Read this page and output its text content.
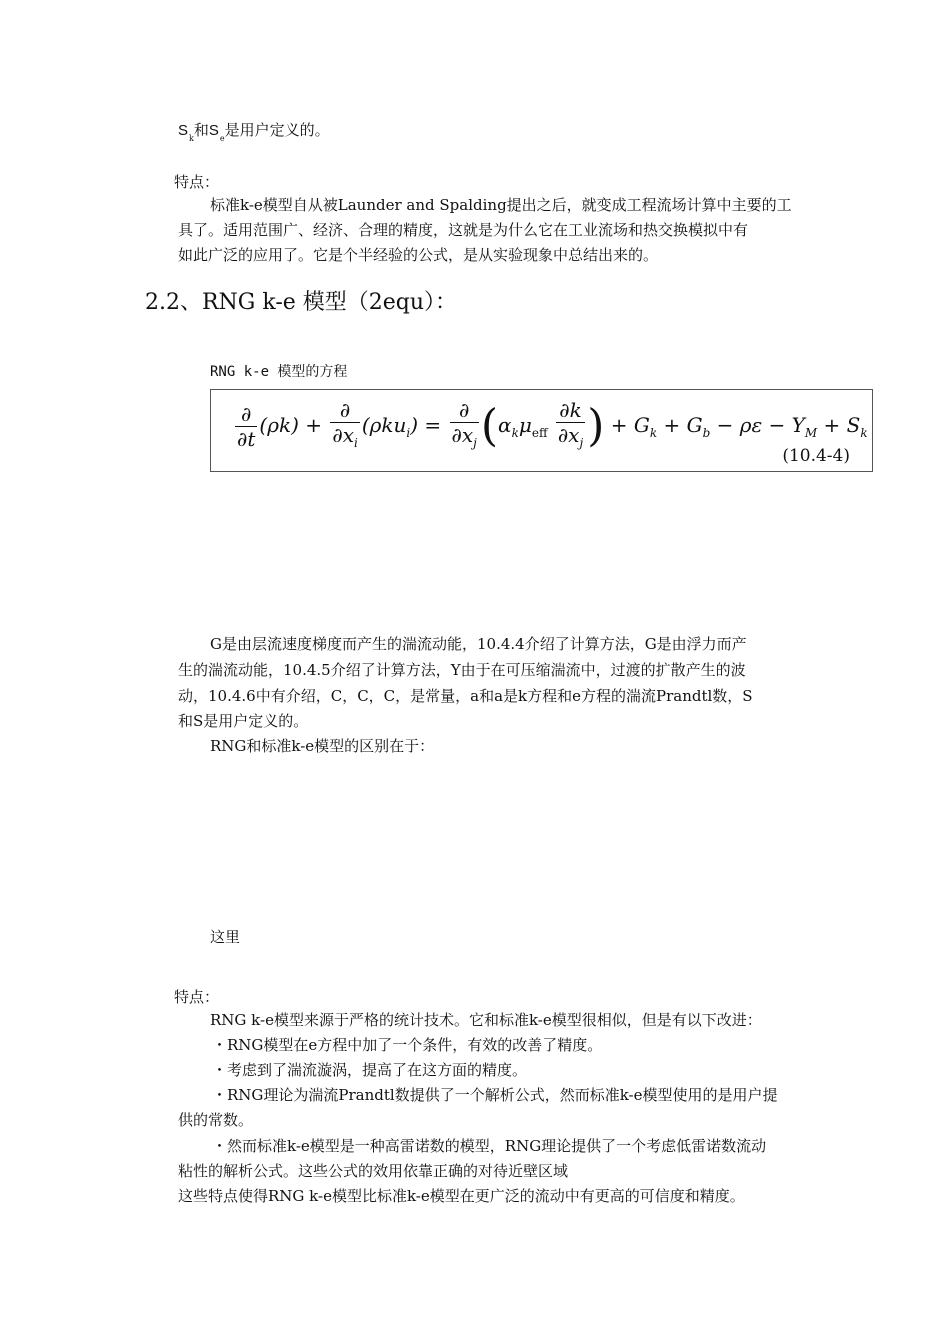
$S_k$和$S_e$是用户定义的。
特点：
标准k-e模型自从被Launder and Spalding提出之后，就变成工程流场计算中主要的工
具了。适用范围广、经济、合理的精度，这就是为什么它在工业流场和热交换模拟中有
如此广泛的应用了。它是个半经验的公式，是从实验现象中总结出来的。
2.2、RNG k-e 模型（2equ）：
RNG k-e 模型的方程
$\frac{\partial}{\partial t} (\rho k) + \frac{\partial}{\partial x_i} (\rho ku_i) = \frac{\partial}{\partial x_j} (\alpha_k\mu_{eff} \frac{\partial k}{\partial x_j}$ ) + $G_k + G_b - \rho\varepsilon - Y_M + S_k$
(10.4-4)
G是由层流速度梯度而产生的湍流动能，10.4.4介绍了计算方法，G是由浮力而产
生的湍流动能，10.4.5介绍了计算方法，Y由于在可压缩湍流中，过渡的扩散产生的波
动，10.4.6中有介绍，C，C，C，是常量，a和a是k方程和e方程的湍流Prandtl数，S
和S是用户定义的。
RNG和标准k-e模型的区别在于：
这里
特点：
RNG k-e模型来源于严格的统计技术。它和标准k-e模型很相似，但是有以下改进：
・RNG模型在e方程中加了一个条件，有效的改善了精度。
・考虑到了湍流漩涡，提高了在这方面的精度。
・RNG理论为湍流Prandtl数提供了一个解析公式，然而标准k-e模型使用的是用户提
供的常数。
・然而标准k-e模型是一种高雷诺数的模型，RNG理论提供了一个考虑低雷诺数流动
粘性的解析公式。这些公式的效用依靠正确的对待近壁区域
这些特点使得RNG k-e模型比标准k-e模型在更广泛的流动中有更高的可信度和精度。
